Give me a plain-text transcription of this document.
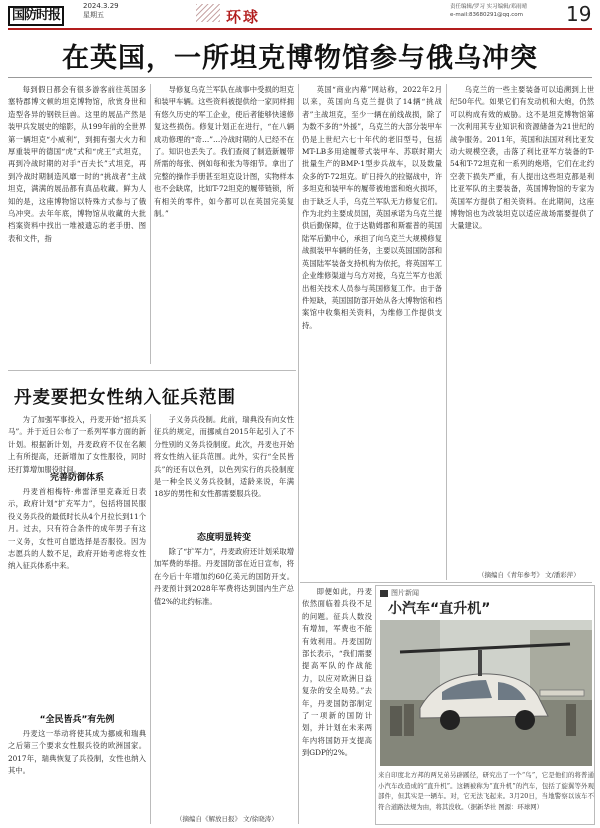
国防时报
2024.3.29
星期五	环球
责任编辑/罗习 实习编辑/邓雨晴
e-mail:83680291@qq.com	19
在英国，一所坦克博物馆参与俄乌冲突
每到假日都会有很多游客前往英国多塞特郡博文顿的坦克博物馆，欣赏身世和造型各异的钢铁巨兽。这里的展品产然是装甲兵发展史的缩影，从199年前的全世界第一辆坦克“小威利”，到拥有强大火力和厚重装甲的德国“虎”式和“虎王”式坦克，再到冷战时期的对手“百夫长”式坦克，再到冷战时期制造风靡一时的“挑战者”主战坦克，满满的展品都有真品收藏。鲜为人知的是，这座博物馆以特殊方式参与了俄乌冲突。去年年底，博物馆从收藏的大批档案资料中找出一堆被遗忘的老手册、图表和文件，指
导修复乌克兰军队在战事中受损的坦克和装甲车辆。这些资料被提供给一家同样拥有悠久历史的军工企业，使后者能够快速修复这些损伤。修复计划正在进行，“在八辆成功修理的“奇…”…冷战时期的人已经不在了。知识也丢失了。我们查阅了制造新履带所需的每张、例如每和张为等细节。拿出了完整的操作手册甚至坦克设计图，实物样本也不会缺席，比如T-72坦克的履带链锁，所有相关的零件，如今都可以在英国完美复制。”
英国“商业内幕”网站称，2022年2月以来，英国向乌克兰提供了14辆“挑战者”主战坦克，至少一辆在前线战损，除了为数不多的“外援”，乌克兰的大部分装甲车仍是上世纪六七十年代的老旧型号，包括MT-LB多用途履带式装甲车、苏联时期大批量生产的BMP-1型步兵战车，以及数量众多的T-72坦克。旷日持久的拉锯战中，许多坦克和装甲车的履带被地雷和炮火损坏，由于缺乏人手，乌克兰军队无力修复它们。作为北约主要成员国，英国承诺为乌克兰提供后勤保障，位于达勒姆郡和斯霍普的英国陆军后勤中心，承担了向乌克兰大规模修复战损装甲车辆的任务，主要以英国国防部和英国陆军装备支持机构为依托，将英国军工企业维修渠道与乌方对接，乌克兰军方也派出相关技术人员参与英国修复工作。由于备件短缺，英国国防部开始从各大博物馆和档案馆中收集相关资料，为维修工作提供支持。
乌克兰的一些主要装备可以追溯到上世纪50年代。如果它们有发动机和大炮，仍然可以构成有效的威胁。这不是坦克博物馆第一次利用其专业知识和资源储备为21世纪的战争服务。2011年，英国和法国对利比亚发动大规模空袭，击落了利比亚军方装备的T-54和T-72坦克和一系列的炮塔，它们在北约空袭下损失严重，有人提出这些坦克都是利比亚军队的主要装备，英国博物馆的专家为英国军方提供了相关资料。在此期间，这座博物馆也为改装坦克以适应战场需要提供了大量建议。
丹麦要把女性纳入征兵范围
为了加强军事投入，丹麦开始“招兵买马”。并于近日公布了一系列军事方面的新计划。根据新计划，丹麦政府不仅在名额上有所提高，还新增加了女性服役，同时还打算增加服役时间。
完善防御体系
丹麦首相梅特·弗雷泽里克森近日表示，政府计划“扩充军力”，包括将国民服役义务兵役的最低时长从4个月拉长到11个月。过去，只有符合条件的成年男子有这一义务，女性可自愿选择是否服役。因为志愿兵的人数不足，政府开始考虑将女性纳入征兵体系中来。
“全民皆兵”有先例
丹麦这一举动将使其成为挪威和瑞典之后第三个要求女性服兵役的欧洲国家。2017年，瑞典恢复了兵役制，女性也纳入其中。
子义务兵役制。此前，瑞典没有向女性征兵的规定，而挪威自2015年起引入了不分性别的义务兵役制度。此次，丹麦也开始将女性纳入征兵范围。此外，实行“全民皆兵”的还有以色列，以色列实行的兵役制度是一种全民义务兵役制，适龄来说，年满18岁的男性和女性都需要服兵役。
态度明显转变
除了“扩军力”，丹麦政府还计划采取增加军费的举措。丹麦国防部在近日宣布，将在今后十年增加约60亿美元的国防开支。丹麦预计到2028年军费将达到国内生产总值2%的北约标准。
（摘编自《解放日报》 文/徐晓涛）
即便如此，丹麦依然面临着兵役不足的问题。征兵人数没有增加，军费也不能有效利用。丹麦国防部长表示，“我们需要提高军队的作战能力，以应对欧洲日益复杂的安全局势。”去年，丹麦国防部制定了一项新的国防计划，并计划在未来两年内将国防开支提高到GDP的2%。
图片新闻
小汽车“直升机”
来自印度北方邦的两兄弟另辟蹊径，研究出了一个“鸟”，它是他们的将普通小汽车改造成的“直升机”。这辆被称为“直升机”的汽车，包括了旋翼等外观部件，但其实是一辆车。对，它无法飞起来。3月20日，当地警察以该车不符合道路法规为由，将其没收。（据新华社 图源：环球网）
（摘编自《青年参考》 文/潘彩萍）
